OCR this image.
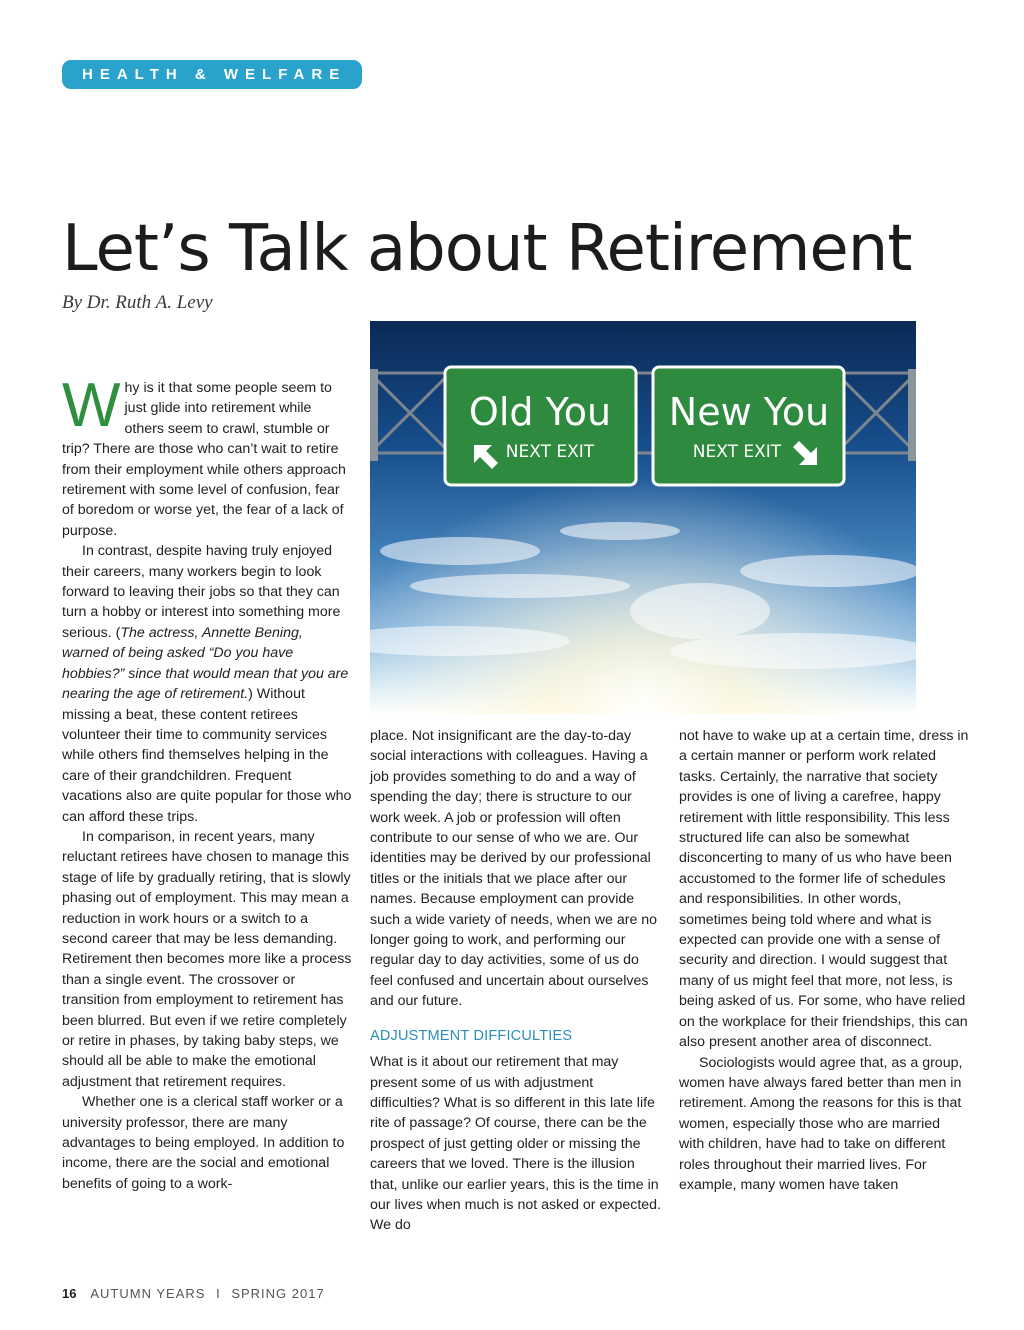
HEALTH & WELFARE
Let’s Talk about Retirement
By Dr. Ruth A. Levy
Old You
NEXT EXIT
New You
NEXT EXIT

Why is it that some people seem to just glide into retirement while others seem to crawl, stumble or trip? There are those who can’t wait to retire from their employment while others approach retirement with some level of confusion, fear of boredom or worse yet, the fear of a lack of purpose.

In contrast, despite having truly enjoyed their careers, many workers begin to look forward to leaving their jobs so that they can turn a hobby or interest into something more serious. (The actress, Annette Bening, warned of being asked “Do you have hobbies?” since that would mean that you are nearing the age of retirement.) Without missing a beat, these content retirees volunteer their time to community services while others find themselves helping in the care of their grandchildren. Frequent vacations also are quite popular for those who can afford these trips.

In comparison, in recent years, many reluctant retirees have chosen to manage this stage of life by gradually retiring, that is slowly phasing out of employment. This may mean a reduction in work hours or a switch to a second career that may be less demanding. Retirement then becomes more like a process than a single event. The crossover or transition from employment to retirement has been blurred. But even if we retire completely or retire in phases, by taking baby steps, we should all be able to make the emotional adjustment that retirement requires.

Whether one is a clerical staff worker or a university professor, there are many advantages to being employed. In addition to income, there are the social and emotional benefits of going to a work-

place. Not insignificant are the day-to-day social interactions with colleagues. Having a job provides something to do and a way of spending the day; there is structure to our work week. A job or profession will often contribute to our sense of who we are. Our identities may be derived by our professional titles or the initials that we place after our names. Because employment can provide such a wide variety of needs, when we are no longer going to work, and performing our regular day to day activities, some of us do feel confused and uncertain about ourselves and our future.

ADJUSTMENT DIFFICULTIES

What is it about our retirement that may present some of us with adjustment difficulties? What is so different in this late life rite of passage? Of course, there can be the prospect of just getting older or missing the careers that we loved. There is the illusion that, unlike our earlier years, this is the time in our lives when much is not asked or expected. We do

not have to wake up at a certain time, dress in a certain manner or perform work related tasks. Certainly, the narrative that society provides is one of living a carefree, happy retirement with little responsibility. This less structured life can also be somewhat disconcerting to many of us who have been accustomed to the former life of schedules and responsibilities. In other words, sometimes being told where and what is expected can provide one with a sense of security and direction. I would suggest that many of us might feel that more, not less, is being asked of us. For some, who have relied on the workplace for their friendships, this can also present another area of disconnect.

Sociologists would agree that, as a group, women have always fared better than men in retirement. Among the reasons for this is that women, especially those who are married with children, have had to take on different roles throughout their married lives. For example, many women have taken

16 AUTUMN YEARS I SPRING 2017
